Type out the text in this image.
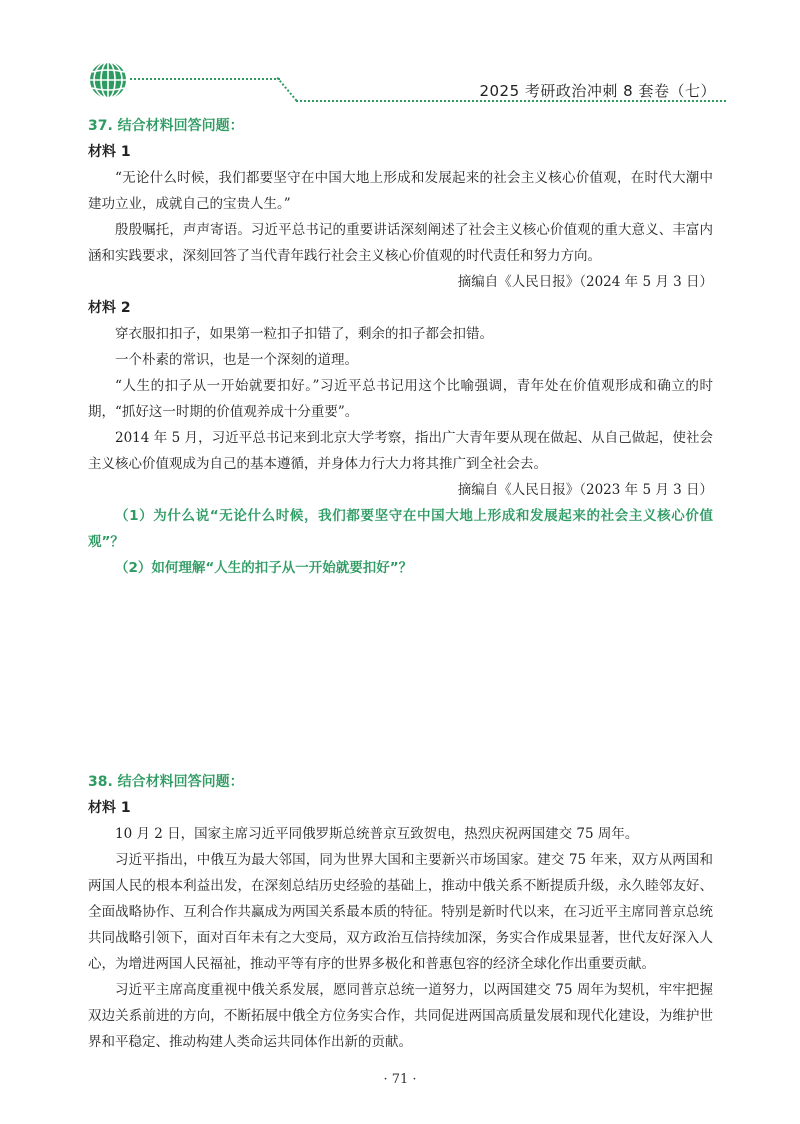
2025 考研政治冲刺 8 套卷（七）

37. 结合材料回答问题：

材料 1

“无论什么时候，我们都要坚守在中国大地上形成和发展起来的社会主义核心价值观，在时代大潮中建功立业，成就自己的宝贵人生。”

殷殷嘱托，声声寄语。习近平总书记的重要讲话深刻阐述了社会主义核心价值观的重大意义、丰富内涵和实践要求，深刻回答了当代青年践行社会主义核心价值观的时代责任和努力方向。

摘编自《人民日报》（2024 年 5 月 3 日）

材料 2

穿衣服扣扣子，如果第一粒扣子扣错了，剩余的扣子都会扣错。

一个朴素的常识，也是一个深刻的道理。

“人生的扣子从一开始就要扣好。”习近平总书记用这个比喻强调，青年处在价值观形成和确立的时期，“抓好这一时期的价值观养成十分重要”。

2014 年 5 月，习近平总书记来到北京大学考察，指出广大青年要从现在做起、从自己做起，使社会主义核心价值观成为自己的基本遵循，并身体力行大力将其推广到全社会去。

摘编自《人民日报》（2023 年 5 月 3 日）

（1）为什么说“无论什么时候，我们都要坚守在中国大地上形成和发展起来的社会主义核心价值观”？

（2）如何理解“人生的扣子从一开始就要扣好”？

38. 结合材料回答问题：

材料 1

10 月 2 日，国家主席习近平同俄罗斯总统普京互致贺电，热烈庆祝两国建交 75 周年。

习近平指出，中俄互为最大邻国，同为世界大国和主要新兴市场国家。建交 75 年来，双方从两国和两国人民的根本利益出发，在深刻总结历史经验的基础上，推动中俄关系不断提质升级，永久睦邻友好、全面战略协作、互利合作共赢成为两国关系最本质的特征。特别是新时代以来，在习近平主席同普京总统共同战略引领下，面对百年未有之大变局，双方政治互信持续加深，务实合作成果显著，世代友好深入人心，为增进两国人民福祉，推动平等有序的世界多极化和普惠包容的经济全球化作出重要贡献。

习近平主席高度重视中俄关系发展，愿同普京总统一道努力，以两国建交 75 周年为契机，牢牢把握双边关系前进的方向，不断拓展中俄全方位务实合作，共同促进两国高质量发展和现代化建设，为维护世界和平稳定、推动构建人类命运共同体作出新的贡献。

· 71 ·
